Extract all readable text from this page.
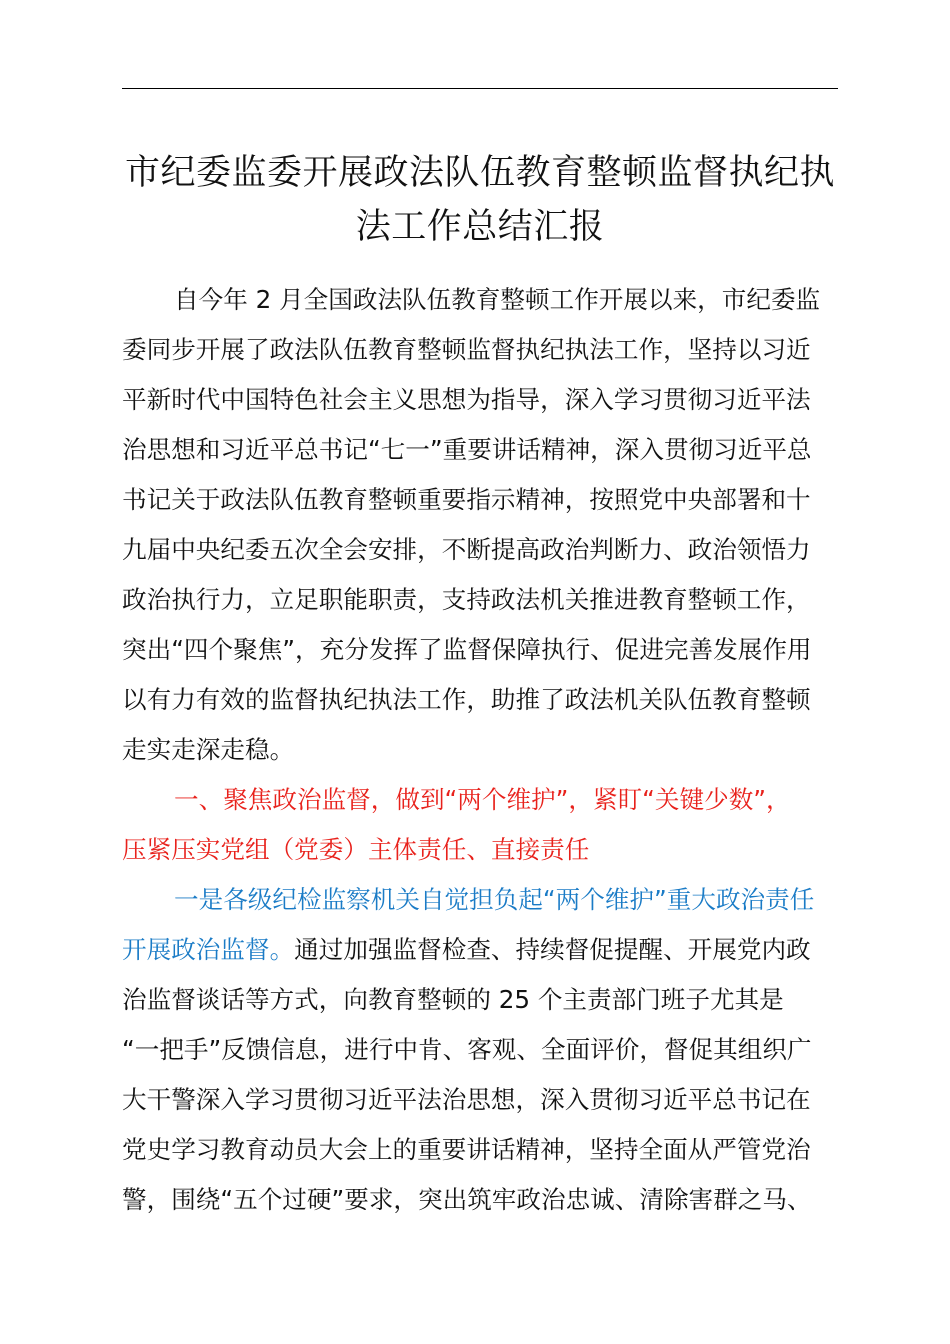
市纪委监委开展政法队伍教育整顿监督执纪执
法工作总结汇报
自今年 2 月全国政法队伍教育整顿工作开展以来，市纪委监
委同步开展了政法队伍教育整顿监督执纪执法工作，坚持以习近
平新时代中国特色社会主义思想为指导，深入学习贯彻习近平法
治思想和习近平总书记“七一”重要讲话精神，深入贯彻习近平总
书记关于政法队伍教育整顿重要指示精神，按照党中央部署和十
九届中央纪委五次全会安排，不断提高政治判断力、政治领悟力
政治执行力，立足职能职责，支持政法机关推进教育整顿工作，
突出“四个聚焦”，充分发挥了监督保障执行、促进完善发展作用
以有力有效的监督执纪执法工作，助推了政法机关队伍教育整顿
走实走深走稳。
一、聚焦政治监督，做到“两个维护”，紧盯“关键少数”，
压紧压实党组（党委）主体责任、直接责任
一是各级纪检监察机关自觉担负起“两个维护”重大政治责任
开展政治监督。通过加强监督检查、持续督促提醒、开展党内政
治监督谈话等方式，向教育整顿的 25 个主责部门班子尤其是
“一把手”反馈信息，进行中肯、客观、全面评价，督促其组织广
大干警深入学习贯彻习近平法治思想，深入贯彻习近平总书记在
党史学习教育动员大会上的重要讲话精神，坚持全面从严管党治
警，围绕“五个过硬”要求，突出筑牢政治忠诚、清除害群之马、
